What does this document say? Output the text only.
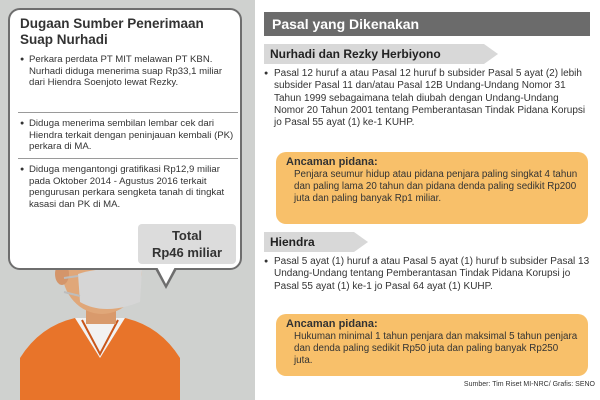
Dugaan Sumber Penerimaan Suap Nurhadi
● Perkara perdata PT MIT melawan PT KBN. Nurhadi diduga menerima suap Rp33,1 miliar dari Hiendra Soenjoto lewat Rezky.
● Diduga menerima sembilan lembar cek dari Hiendra terkait dengan peninjauan kembali (PK) perkara di MA.
● Diduga mengantongi gratifikasi Rp12,9 miliar pada Oktober 2014 - Agustus 2016 terkait pengurusan perkara sengketa tanah di tingkat kasasi dan PK di MA.
Total
Rp46 miliar
Pasal yang Dikenakan
Nurhadi dan Rezky Herbiyono
● Pasal 12 huruf a atau Pasal 12 huruf b subsider Pasal 5 ayat (2) lebih subsider Pasal 11 dan/atau Pasal 12B Undang-Undang Nomor 31 Tahun 1999 sebagaimana telah diubah dengan Undang-Undang Nomor 20 Tahun 2001 tentang Pemberantasan Tindak Pidana Korupsi jo Pasal 55 ayat (1) ke-1 KUHP.
Ancaman pidana:
Penjara seumur hidup atau pidana penjara paling singkat 4 tahun dan paling lama 20 tahun dan pidana denda paling sedikit Rp200 juta dan paling banyak Rp1 miliar.
Hiendra
● Pasal 5 ayat (1) huruf a atau Pasal 5 ayat (1) huruf b subsider Pasal 13 Undang-Undang tentang Pemberantasan Tindak Pidana Korupsi jo Pasal 55 ayat (1) ke-1 jo Pasal 64 ayat (1) KUHP.
Ancaman pidana:
Hukuman minimal 1 tahun penjara dan maksimal 5 tahun penjara dan denda paling sedikit Rp50 juta dan paling banyak Rp250 juta.
Sumber: Tim Riset MI-NRC/ Grafis: SENO
